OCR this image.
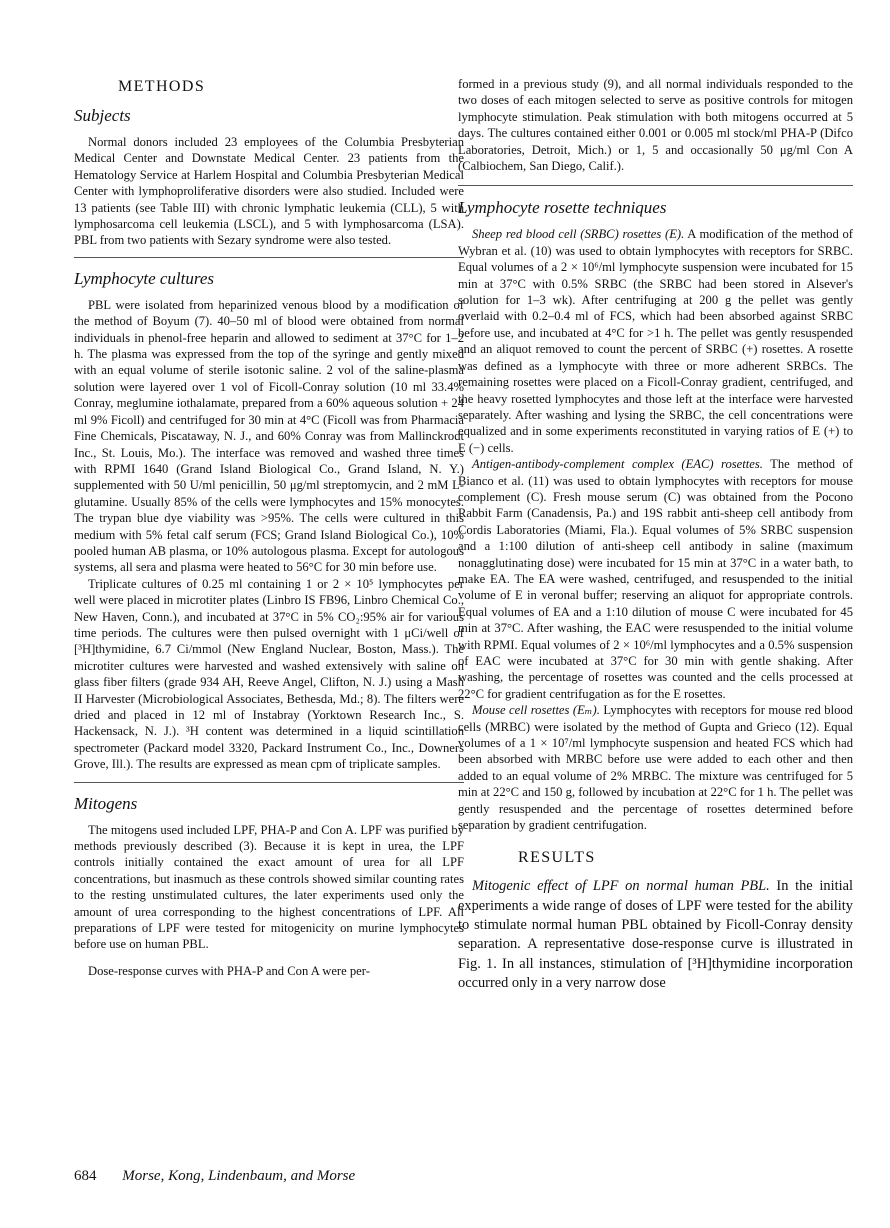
METHODS
Subjects

Normal donors included 23 employees of the Columbia Presbyterian Medical Center and Downstate Medical Center. 23 patients from the Hematology Service at Harlem Hospital and Columbia Presbyterian Medical Center with lymphoproliferative disorders were also studied. Included were 13 patients (see Table III) with chronic lymphatic leukemia (CLL), 5 with lymphosarcoma cell leukemia (LSCL), and 5 with lymphosarcoma (LSA). PBL from two patients with Sezary syndrome were also tested.

Lymphocyte cultures

PBL were isolated from heparinized venous blood by a modification of the method of Boyum (7). 40–50 ml of blood were obtained from normal individuals in phenol-free heparin and allowed to sediment at 37°C for 1–2 h. The plasma was expressed from the top of the syringe and gently mixed with an equal volume of sterile isotonic saline. 2 vol of the saline-plasma solution were layered over 1 vol of Ficoll-Conray solution (10 ml 33.4% Conray, meglumine iothalamate, prepared from a 60% aqueous solution + 24 ml 9% Ficoll) and centrifuged for 30 min at 4°C (Ficoll was from Pharmacia Fine Chemicals, Piscataway, N. J., and 60% Conray was from Mallinckrodt Inc., St. Louis, Mo.). The interface was removed and washed three times with RPMI 1640 (Grand Island Biological Co., Grand Island, N. Y.) supplemented with 50 U/ml penicillin, 50 μg/ml streptomycin, and 2 mM L-glutamine. Usually 85% of the cells were lymphocytes and 15% monocytes. The trypan blue dye viability was >95%. The cells were cultured in this medium with 5% fetal calf serum (FCS; Grand Island Biological Co.), 10% pooled human AB plasma, or 10% autologous plasma. Except for autologous systems, all sera and plasma were heated to 56°C for 30 min before use.

Triplicate cultures of 0.25 ml containing 1 or 2 × 10⁵ lymphocytes per well were placed in microtiter plates (Linbro IS FB96, Linbro Chemical Co., New Haven, Conn.), and incubated at 37°C in 5% CO₂:95% air for various time periods. The cultures were then pulsed overnight with 1 μCi/well of [³H]thymidine, 6.7 Ci/mmol (New England Nuclear, Boston, Mass.). The microtiter cultures were harvested and washed extensively with saline on glass fiber filters (grade 934 AH, Reeve Angel, Clifton, N. J.) using a Mash II Harvester (Microbiological Associates, Bethesda, Md.; 8). The filters were dried and placed in 12 ml of Instabray (Yorktown Research Inc., S. Hackensack, N. J.). ³H content was determined in a liquid scintillation spectrometer (Packard model 3320, Packard Instrument Co., Inc., Downers Grove, Ill.). The results are expressed as mean cpm of triplicate samples.

Mitogens

The mitogens used included LPF, PHA-P and Con A. LPF was purified by methods previously described (3). Because it is kept in urea, the LPF controls initially contained the exact amount of urea for all LPF concentrations, but inasmuch as these controls showed similar counting rates to the resting unstimulated cultures, the later experiments used only the amount of urea corresponding to the highest concentrations of LPF. All preparations of LPF were tested for mitogenicity on murine lymphocytes before use on human PBL.

Dose-response curves with PHA-P and Con A were per-

formed in a previous study (9), and all normal individuals responded to the two doses of each mitogen selected to serve as positive controls for mitogen lymphocyte stimulation. Peak stimulation with both mitogens occurred at 5 days. The cultures contained either 0.001 or 0.005 ml stock/ml PHA-P (Difco Laboratories, Detroit, Mich.) or 1, 5 and occasionally 50 μg/ml Con A (Calbiochem, San Diego, Calif.).

Lymphocyte rosette techniques

Sheep red blood cell (SRBC) rosettes (E). A modification of the method of Wybran et al. (10) was used to obtain lymphocytes with receptors for SRBC. Equal volumes of a 2 × 10⁶/ml lymphocyte suspension were incubated for 15 min at 37°C with 0.5% SRBC (the SRBC had been stored in Alsever's solution for 1–3 wk). After centrifuging at 200 g the pellet was gently overlaid with 0.2–0.4 ml of FCS, which had been absorbed against SRBC before use, and incubated at 4°C for >1 h. The pellet was gently resuspended and an aliquot removed to count the percent of SRBC (+) rosettes. A rosette was defined as a lymphocyte with three or more adherent SRBCs. The remaining rosettes were placed on a Ficoll-Conray gradient, centrifuged, and the heavy rosetted lymphocytes and those left at the interface were harvested separately. After washing and lysing the SRBC, the cell concentrations were equalized and in some experiments reconstituted in varying ratios of E (+) to E (−) cells.

Antigen-antibody-complement complex (EAC) rosettes. The method of Bianco et al. (11) was used to obtain lymphocytes with receptors for mouse complement (C). Fresh mouse serum (C) was obtained from the Pocono Rabbit Farm (Canadensis, Pa.) and 19S rabbit anti-sheep cell antibody from Cordis Laboratories (Miami, Fla.). Equal volumes of 5% SRBC suspension and a 1:100 dilution of anti-sheep cell antibody in saline (maximum nonagglutinating dose) were incubated for 15 min at 37°C in a water bath, to make EA. The EA were washed, centrifuged, and resuspended to the initial volume of E in veronal buffer; reserving an aliquot for appropriate controls. Equal volumes of EA and a 1:10 dilution of mouse C were incubated for 45 min at 37°C. After washing, the EAC were resuspended to the initial volume with RPMI. Equal volumes of 2 × 10⁶/ml lymphocytes and a 0.5% suspension of EAC were incubated at 37°C for 30 min with gentle shaking. After washing, the percentage of rosettes was counted and the cells processed at 22°C for gradient centrifugation as for the E rosettes.

Mouse cell rosettes (Eₘ). Lymphocytes with receptors for mouse red blood cells (MRBC) were isolated by the method of Gupta and Grieco (12). Equal volumes of a 1 × 10⁷/ml lymphocyte suspension and heated FCS which had been absorbed with MRBC before use were added to each other and then added to an equal volume of 2% MRBC. The mixture was centrifuged for 5 min at 22°C and 150 g, followed by incubation at 22°C for 1 h. The pellet was gently resuspended and the percentage of rosettes determined before separation by gradient centrifugation.

RESULTS

Mitogenic effect of LPF on normal human PBL. In the initial experiments a wide range of doses of LPF were tested for the ability to stimulate normal human PBL obtained by Ficoll-Conray density separation. A representative dose-response curve is illustrated in Fig. 1. In all instances, stimulation of [³H]thymidine incorporation occurred only in a very narrow dose

684 Morse, Kong, Lindenbaum, and Morse
